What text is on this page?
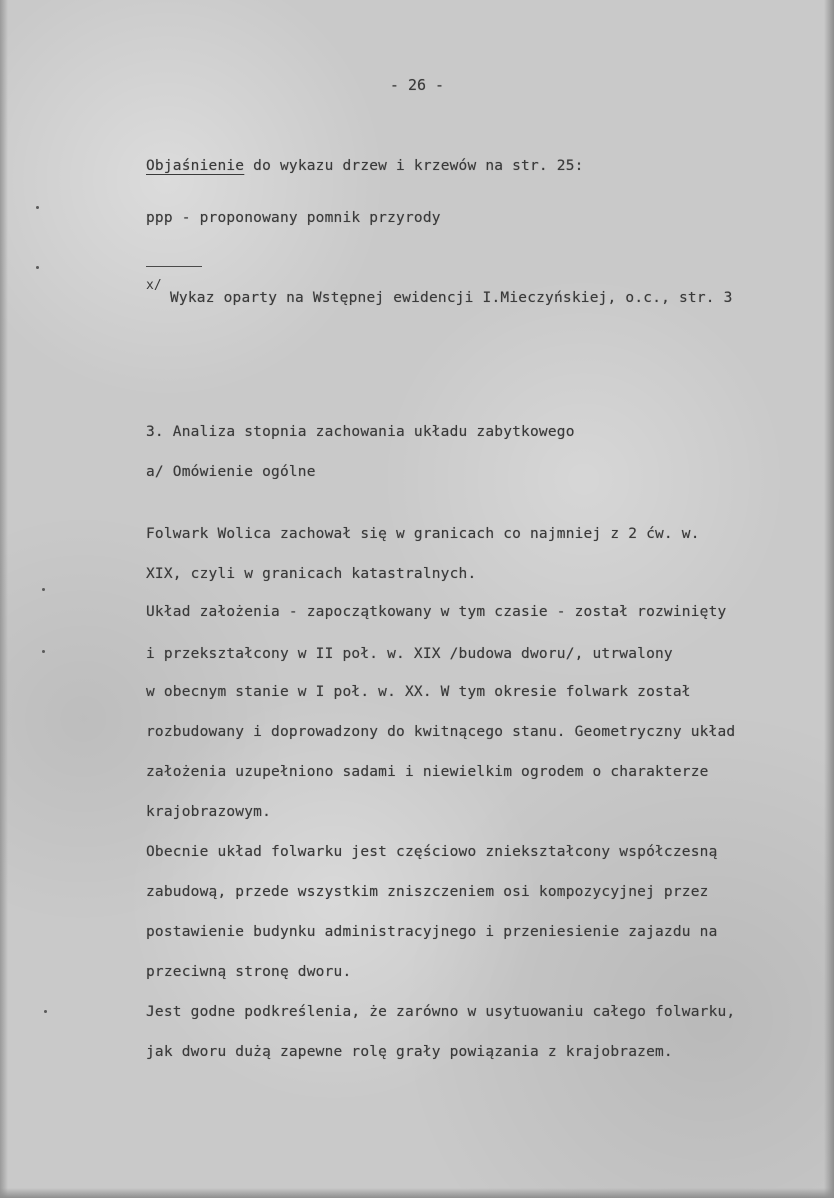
- 26 -

Objaśnienie do wykazu drzew i krzewów na str. 25:

ppp - proponowany pomnik przyrody

x/

Wykaz oparty na Wstępnej ewidencji I.Mieczyńskiej, o.c., str. 3

3. Analiza stopnia zachowania układu zabytkowego

a/ Omówienie ogólne

Folwark Wolica zachował się w granicach co najmniej z 2 ćw. w.

XIX, czyli w granicach katastralnych.

Układ założenia - zapoczątkowany w tym czasie - został rozwinięty

i przekształcony w II poł. w. XIX /budowa dworu/, utrwalony

w obecnym stanie w I poł. w. XX. W tym okresie folwark został

rozbudowany i doprowadzony do kwitnącego stanu. Geometryczny układ

założenia uzupełniono sadami i niewielkim ogrodem o charakterze

krajobrazowym.

Obecnie układ folwarku jest częściowo zniekształcony współczesną

zabudową, przede wszystkim zniszczeniem osi kompozycyjnej przez

postawienie budynku administracyjnego i przeniesienie zajazdu na

przeciwną stronę dworu.

Jest godne podkreślenia, że zarówno w usytuowaniu całego folwarku,

jak dworu dużą zapewne rolę grały powiązania z krajobrazem.
